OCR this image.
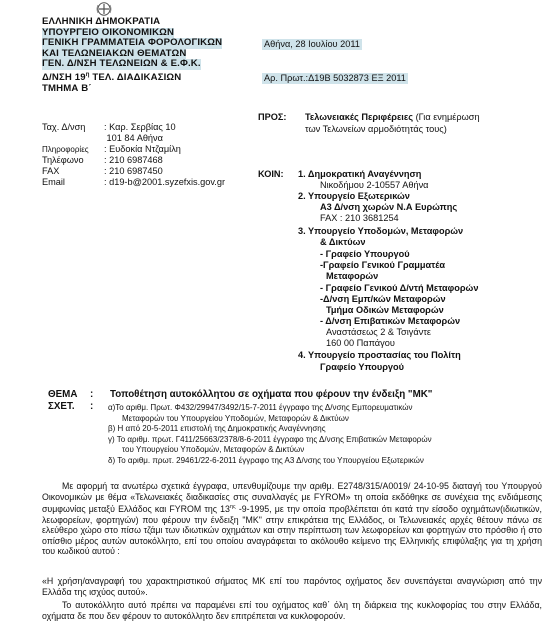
ΕΛΛΗΝΙΚΗ ΔΗΜΟΚΡΑΤΙΑ
ΥΠΟΥΡΓΕΙΟ ΟΙΚΟΝΟΜΙΚΩΝ
ΓΕΝΙΚΗ ΓΡΑΜΜΑΤΕΙΑ ΦΟΡΟΛΟΓΙΚΩΝ
ΚΑΙ ΤΕΛΩΝΕΙΑΚΩΝ ΘΕΜΑΤΩΝ
ΓΕΝ. Δ/ΝΣΗ ΤΕΛΩΝΕΙΩΝ & Ε.Φ.Κ.

Δ/ΝΣΗ $19^\eta$ ΤΕΛ. ΔΙΑΔΙΚΑΣΙΩΝ
ΤΜΗΜΑ Β΄
Αθήνα, 28 Ιουλίου 2011
Αρ. Πρωτ.:Δ19Β 5032873 ΕΞ 2011
ΠΡΟΣ: Τελωνειακές Περιφέρειες (Για ενημέρωση
των Τελωνείων αρμοδιότητάς τους)
Ταχ. Δ/νση : Καρ. Σερβίας 10
101 84 Αθήνα
Πληροφορίες : Ευδοκία Ντζαμίλη
Τηλέφωνο : 210 6987468
FAX	: 210 6987450
Email	: d19-b@2001.syzefxis.gov.gr
ΚΟΙΝ: 1. Δημοκρατική Αναγέννηση
Νικοδήμου 2-10557 Αθήνα
2. Υπουργείο Εξωτερικών
Α3 Δ/νση χωρών Ν.Α Ευρώπης
FAX : 210 3681254
3. Υπουργείο Υποδομών, Μεταφορών
& Δικτύων
- Γραφείο Υπουργού
-Γραφείο Γενικού Γραμματέα
Μεταφορών
- Γραφείο Γενικού Δ/ντή Μεταφορών
-Δ/νση Εμπ/κών Μεταφορών
Τμήμα Οδικών Μεταφορών
- Δ/νση Επιβατικών Μεταφορών
Αναστάσεως 2 & Τσιγάντε
160 00 Παπάγου
4. Υπουργείο προστασίας του Πολίτη
Γραφείο Υπουργού
ΘΕΜΑ : Τοποθέτηση αυτοκόλλητου σε οχήματα που φέρουν την ένδειξη "ΜΚ"
ΣΧΕΤ. : α)Το αριθμ. Πρωτ. Φ432/29947/3492/15-7-2011 έγγραφο της Δ/νσης Εμπορευματικών
Μεταφορών του Υπουργείου Υποδομών, Μεταφορών & Δικτύων
β) Η από 20-5-2011 επιστολή της Δημοκρατικής Αναγέννησης
γ) Το αριθμ. πρωτ. Γ411/25663/2378/8-6-2011 έγγραφο της Δ/νσης Επιβατικών Μεταφορών
του Υπουργείου Υποδομών, Μεταφορών & Δικτύων
δ) Το αριθμ. πρωτ. 29461/22-6-2011 έγγραφο της Α3 Δ/νσης του Υπουργείου Εξωτερικών
Με αφορμή τα ανωτέρω σχετικά έγγραφα, υπενθυμίζουμε την αριθμ. Ε2748/315/Α0019/ 24-10-95 διαταγή του Υπουργού Οικονομικών με θέμα «Τελωνειακές διαδικασίες στις συναλλαγές με FYROM» τη οποία εκδόθηκε σε συνέχεια της ενδιάμεσης συμφωνίας μεταξύ Ελλάδος και FYROM της $13^{\eta\varsigma}$ -9-1995, με την οποία προβλέπεται ότι κατά την είσοδο οχημάτων(ιδιωτικών, λεωφορείων, φορτηγών) που φέρουν την ένδειξη "ΜΚ" στην επικράτεια της Ελλάδος, οι Τελωνειακές αρχές θέτουν πάνω σε ελεύθερο χώρο στο πίσω τζάμι των ιδιωτικών οχημάτων και στην περίπτωση των λεωφορείων και φορτηγών στο πρόσθιο ή στο οπίσθιο μέρος αυτών αυτοκόλλητο, επί του οποίου αναγράφεται το ακόλουθο κείμενο της Ελληνικής επιφύλαξης για τη χρήση του κωδικού αυτού :
«Η χρήση/αναγραφή του χαρακτηριστικού σήματος ΜΚ επί του παρόντος οχήματος δεν συνεπάγεται αναγνώριση από την Ελλάδα της ισχύος αυτού».
Το αυτοκόλλητο αυτό πρέπει να παραμένει επί του οχήματος καθ΄ όλη τη διάρκεια της κυκλοφορίας του στην Ελλάδα, οχήματα δε που δεν φέρουν το αυτοκόλλητο δεν επιτρέπεται να κυκλοφορούν.
